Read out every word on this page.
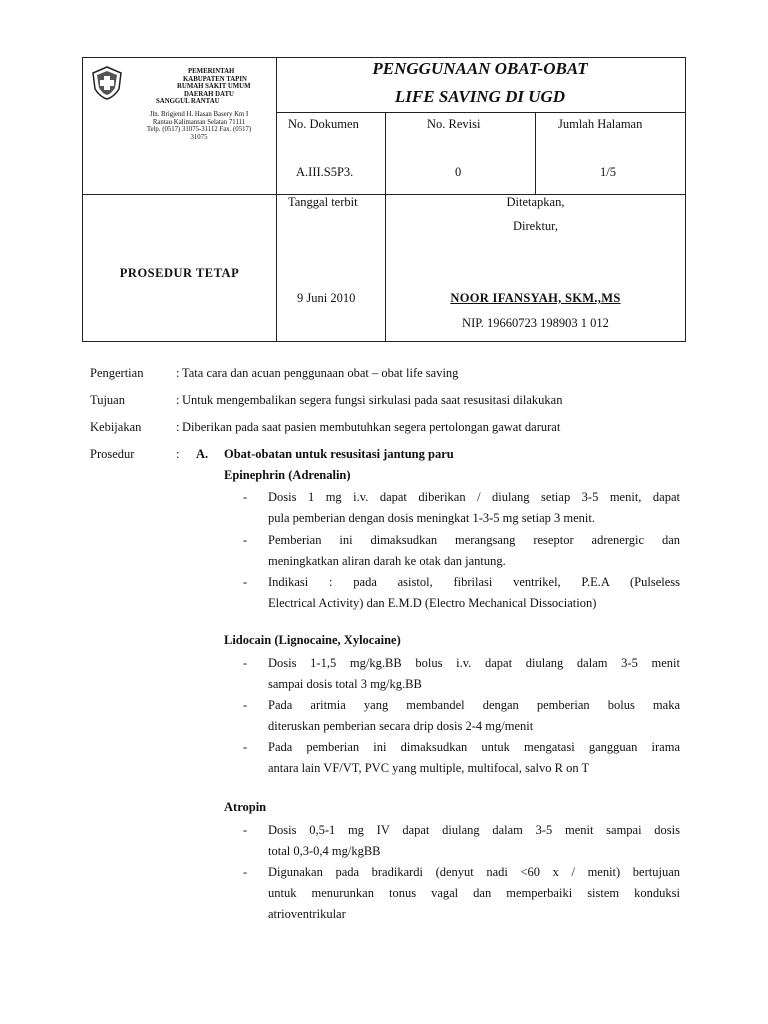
PEMERINTAH
KABUPATEN TAPIN
RUMAH SAKIT UMUM
DAERAH DATU
SANGGUL RANTAU
Jln. Brigjend H. Hasan Basery Km I
Rantau Kalimantan Selatan 71111
Telp. (0517) 31075-31112 Fax. (0517)
31075
PENGGUNAAN OBAT-OBAT
LIFE SAVING DI UGD
No. Dokumen	No. Revisi	Jumlah Halaman
A.III.S5P3.	0	1/5
PROSEDUR TETAP
Tanggal terbit
9 Juni 2010
Ditetapkan,
Direktur,
NOOR IFANSYAH, SKM.,MS
NIP. 19660723 198903 1 012
Pengertian	: Tata cara dan acuan penggunaan obat – obat life saving
Tujuan	: Untuk mengembalikan segera fungsi sirkulasi pada saat resusitasi dilakukan
Kebijakan	: Diberikan pada saat pasien membutuhkan segera pertolongan gawat darurat
Prosedur	: A. Obat-obatan untuk resusitasi jantung paru
Epinephrin (Adrenalin)
- Dosis 1 mg i.v. dapat diberikan / diulang setiap 3-5 menit, dapat
pula pemberian dengan dosis meningkat 1-3-5 mg setiap 3 menit.
- Pemberian ini dimaksudkan merangsang reseptor adrenergic dan
meningkatkan aliran darah ke otak dan jantung.
- Indikasi : pada asistol, fibrilasi ventrikel, P.E.A (Pulseless
Electrical Activity) dan E.M.D (Electro Mechanical Dissociation)
Lidocain (Lignocaine, Xylocaine)
- Dosis 1-1,5 mg/kg.BB bolus i.v. dapat diulang dalam 3-5 menit
sampai dosis total 3 mg/kg.BB
- Pada aritmia yang membandel dengan pemberian bolus maka
diteruskan pemberian secara drip dosis 2-4 mg/menit
- Pada pemberian ini dimaksudkan untuk mengatasi gangguan irama
antara lain VF/VT, PVC yang multiple, multifocal, salvo R on T
Atropin
- Dosis 0,5-1 mg IV dapat diulang dalam 3-5 menit sampai dosis
total 0,3-0,4 mg/kgBB
- Digunakan pada bradikardi (denyut nadi <60 x / menit) bertujuan
untuk menurunkan tonus vagal dan memperbaiki sistem konduksi
atrioventrikular
